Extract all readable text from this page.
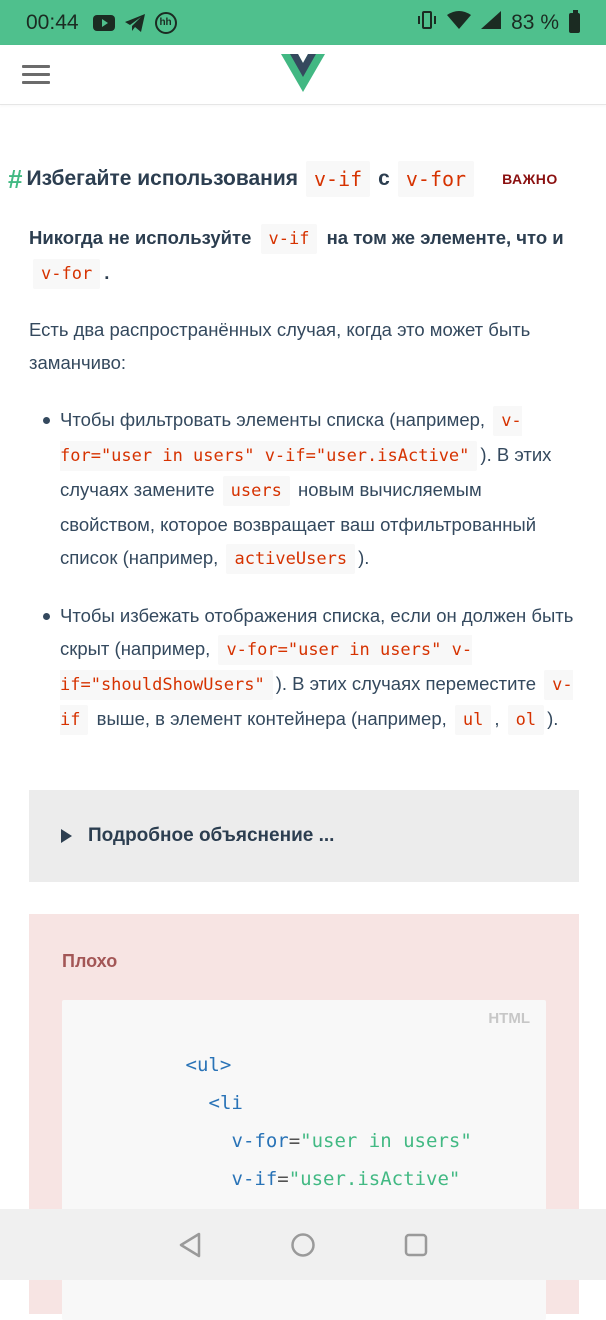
00:44	hh	83 %
# Избегайте использования v-if с v-for	ВАЖНО

Никогда не используйте v-if на том же элементе, что и v-for .

Есть два распространённых случая, когда это может быть заманчиво:

Чтобы фильтровать элементы списка (например, v-for="user in users" v-if="user.isActive" ). В этих случаях замените users новым вычисляемым свойством, которое возвращает ваш отфильтрованный список (например, activeUsers ).
Чтобы избежать отображения списка, если он должен быть скрыт (например, v-for="user in users" v-if="shouldShowUsers" ). В этих случаях переместите v-if выше, в элемент контейнера (например, ul , ol ).
Подробное объяснение ...
Плохо
HTML

<ul>

<li

v-for="user in users"

v-if="user.isActive"
